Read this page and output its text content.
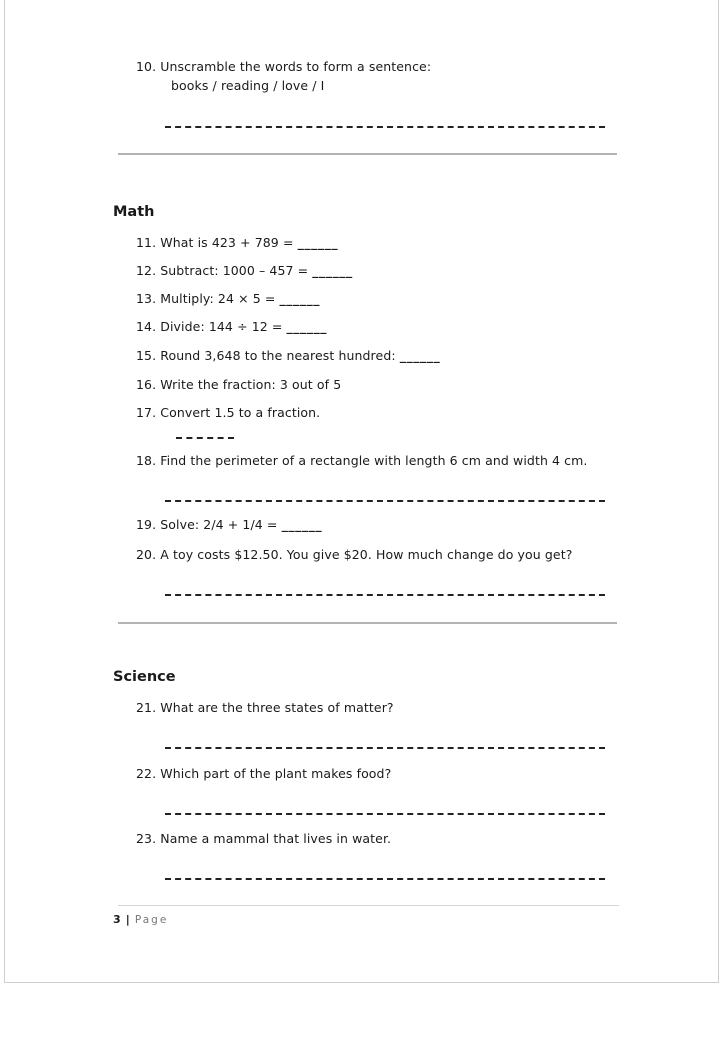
10. Unscramble the words to form a sentence:
books / reading / love / I
Math
11. What is 423 + 789 = ______
12. Subtract: 1000 – 457 = ______
13. Multiply: 24 × 5 = ______
14. Divide: 144 ÷ 12 = ______
15. Round 3,648 to the nearest hundred: ______
16. Write the fraction: 3 out of 5
17. Convert 1.5 to a fraction.
18. Find the perimeter of a rectangle with length 6 cm and width 4 cm.
19. Solve: 2/4 + 1/4 = ______
20. A toy costs $12.50. You give $20. How much change do you get?
Science
21. What are the three states of matter?
22. Which part of the plant makes food?
23. Name a mammal that lives in water.
3 | Page
